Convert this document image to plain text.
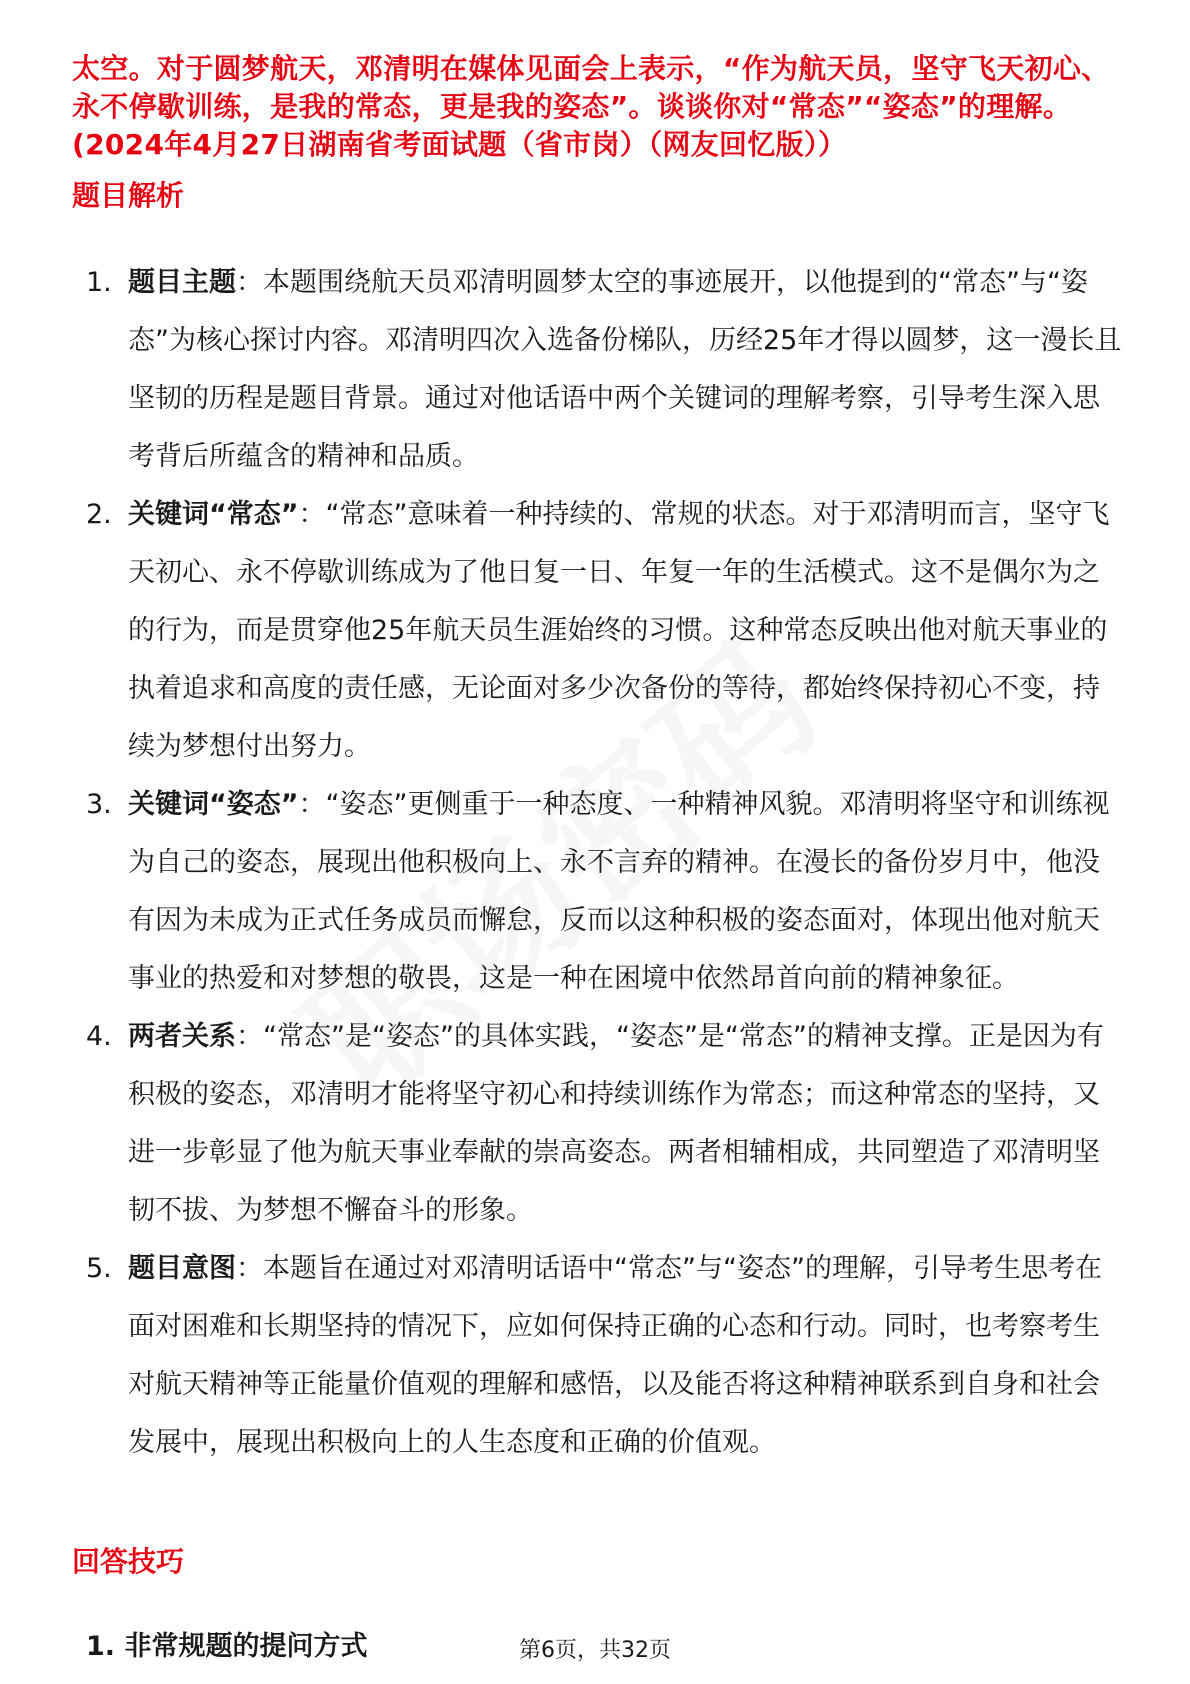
太空。对于圆梦航天，邓清明在媒体见面会上表示，“作为航天员，坚守飞天初心、永不停歇训练，是我的常态，更是我的姿态”。谈谈你对“常态”“姿态”的理解。(2024年4月27日湖南省考面试题（省市岗）（网友回忆版））
题目解析
1. 题目主题：本题围绕航天员邓清明圆梦太空的事迹展开，以他提到的“常态”与“姿态”为核心探讨内容。邓清明四次入选备份梯队，历经25年才得以圆梦，这一漫长且坚韧的历程是题目背景。通过对他话语中两个关键词的理解考察，引导考生深入思考背后所蕴含的精神和品质。
2. 关键词“常态”：“常态”意味着一种持续的、常规的状态。对于邓清明而言，坚守飞天初心、永不停歇训练成为了他日复一日、年复一年的生活模式。这不是偶尔为之的行为，而是贯穿他25年航天员生涯始终的习惯。这种常态反映出他对航天事业的执着追求和高度的责任感，无论面对多少次备份的等待，都始终保持初心不变，持续为梦想付出努力。
3. 关键词“姿态”：“姿态”更侧重于一种态度、一种精神风貌。邓清明将坚守和训练视为自己的姿态，展现出他积极向上、永不言弃的精神。在漫长的备份岁月中，他没有因为未成为正式任务成员而懈怠，反而以这种积极的姿态面对，体现出他对航天事业的热爱和对梦想的敬畏，这是一种在困境中依然昂首向前的精神象征。
4. 两者关系：“常态”是“姿态”的具体实践，“姿态”是“常态”的精神支撑。正是因为有积极的姿态，邓清明才能将坚守初心和持续训练作为常态；而这种常态的坚持，又进一步彰显了他为航天事业奉献的崇高姿态。两者相辅相成，共同塑造了邓清明坚韧不拔、为梦想不懈奋斗的形象。
5. 题目意图：本题旨在通过对邓清明话语中“常态”与“姿态”的理解，引导考生思考在面对困难和长期坚持的情况下，应如何保持正确的心态和行动。同时，也考察考生对航天精神等正能量价值观的理解和感悟，以及能否将这种精神联系到自身和社会发展中，展现出积极向上的人生态度和正确的价值观。
回答技巧
1. 非常规题的提问方式	第6页，共32页
